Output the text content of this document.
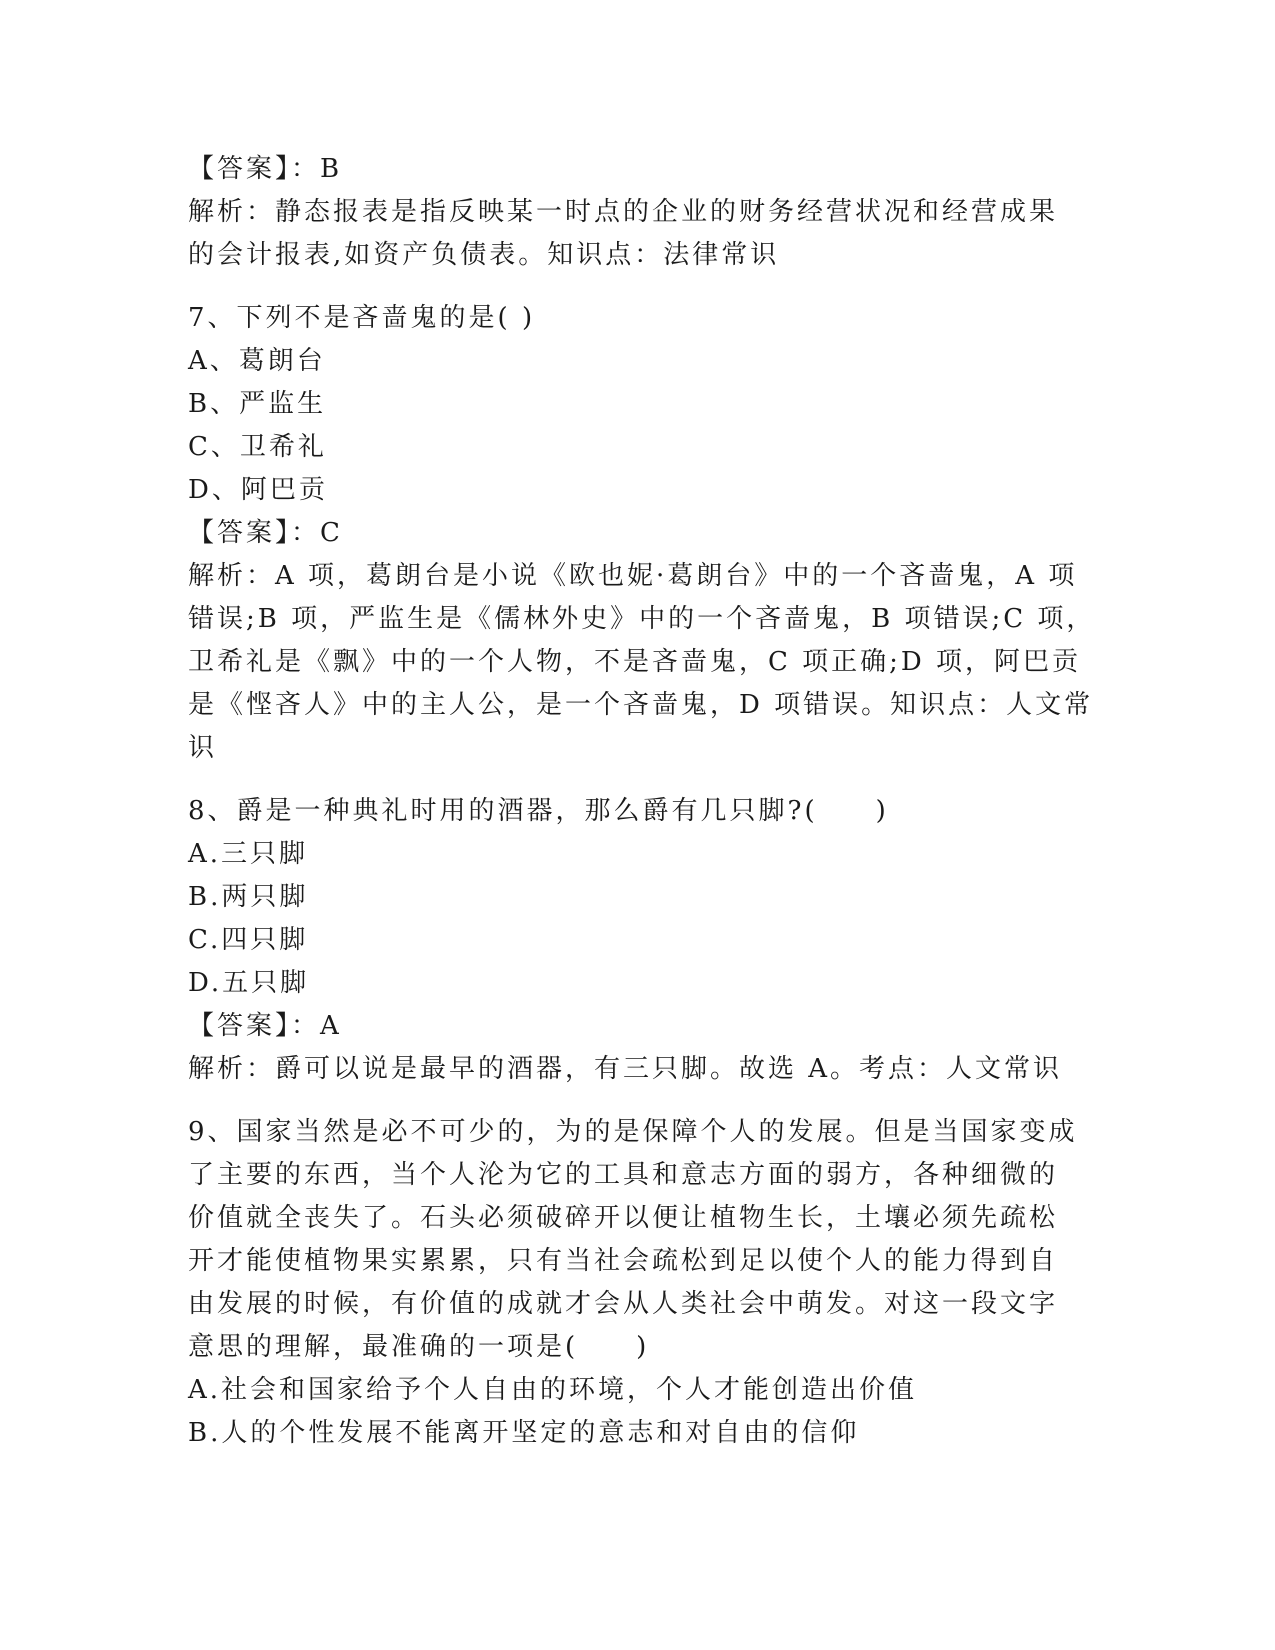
【答案】：B
解析：静态报表是指反映某一时点的企业的财务经营状况和经营成果
的会计报表,如资产负债表。知识点：法律常识
7、下列不是吝啬鬼的是( )
A、葛朗台
B、严监生
C、卫希礼
D、阿巴贡
【答案】：C
解析：A 项，葛朗台是小说《欧也妮·葛朗台》中的一个吝啬鬼，A 项
错误;B 项，严监生是《儒林外史》中的一个吝啬鬼，B 项错误;C 项，
卫希礼是《飘》中的一个人物，不是吝啬鬼，C 项正确;D 项，阿巴贡
是《悭吝人》中的主人公，是一个吝啬鬼，D 项错误。知识点：人文常
识
8、爵是一种典礼时用的酒器，那么爵有几只脚?(　　)
A.三只脚
B.两只脚
C.四只脚
D.五只脚
【答案】：A
解析：爵可以说是最早的酒器，有三只脚。故选 A。考点：人文常识
9、国家当然是必不可少的，为的是保障个人的发展。但是当国家变成
了主要的东西，当个人沦为它的工具和意志方面的弱方，各种细微的
价值就全丧失了。石头必须破碎开以便让植物生长，土壤必须先疏松
开才能使植物果实累累，只有当社会疏松到足以使个人的能力得到自
由发展的时候，有价值的成就才会从人类社会中萌发。对这一段文字
意思的理解，最准确的一项是(　　)
A.社会和国家给予个人自由的环境，个人才能创造出价值
B.人的个性发展不能离开坚定的意志和对自由的信仰
